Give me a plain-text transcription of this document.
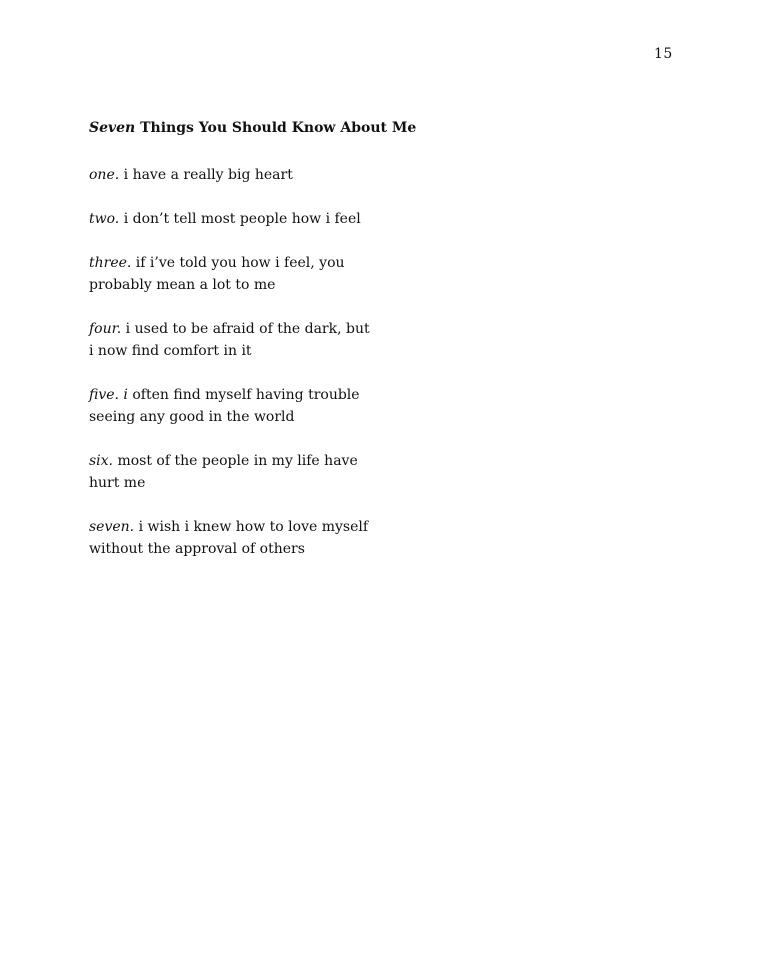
15
Seven Things You Should Know About Me
one. i have a really big heart
two. i don’t tell most people how i feel
three. if i’ve told you how i feel, you
probably mean a lot to me
four. i used to be afraid of the dark, but
i now find comfort in it
five. i often find myself having trouble
seeing any good in the world
six. most of the people in my life have
hurt me
seven. i wish i knew how to love myself
without the approval of others
